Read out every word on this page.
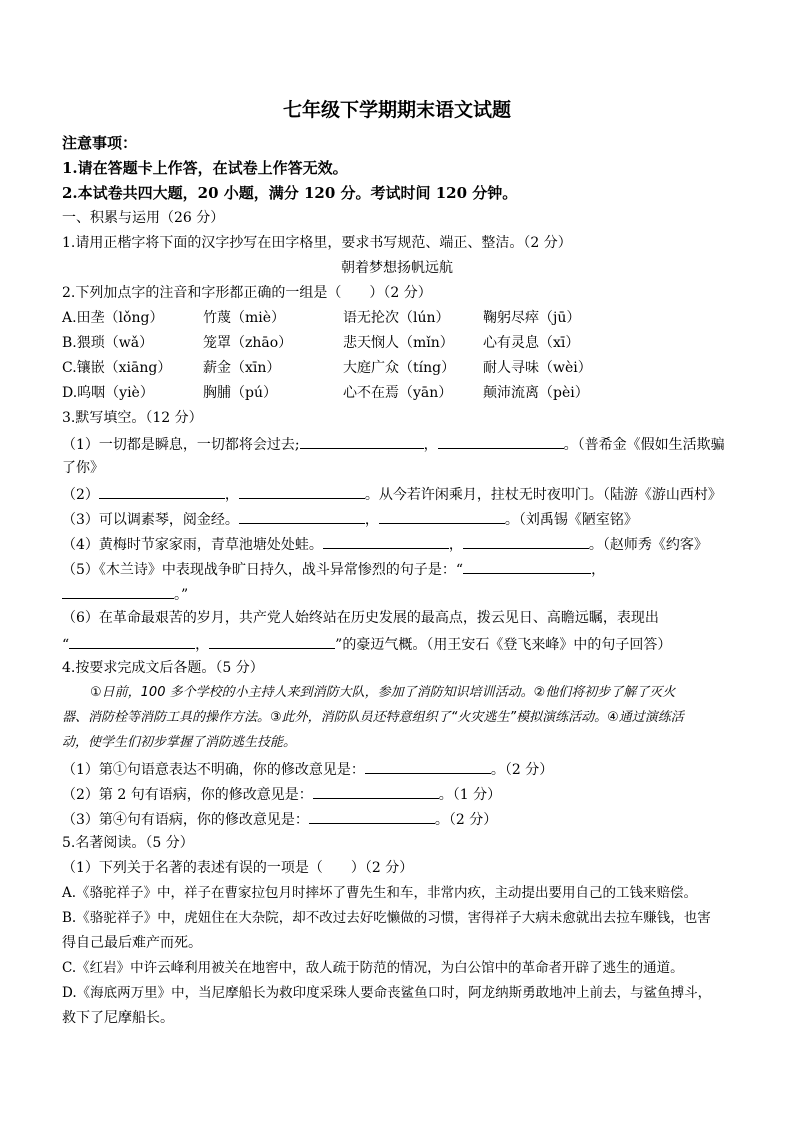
七年级下学期期末语文试题
注意事项：
1.请在答题卡上作答，在试卷上作答无效。
2.本试卷共四大题，20 小题，满分 120 分。考试时间 120 分钟。
一、积累与运用（26 分）
1.请用正楷字将下面的汉字抄写在田字格里，要求书写规范、端正、整洁。（2 分）
朝着梦想扬帆远航
2.下列加点字的注音和字形都正确的一组是（　　）（2 分）
A.田垄（lǒng）	竹蔑（miè）	语无抡次（lún） 鞠躬尽瘁（jū）
B.猥琐（wǎ）	笼罩（zhāo）	悲天悯人（mǐn） 心有灵息（xī）
C.镶嵌（xiāng） 薪金（xīn）	大庭广众（tíng） 耐人寻味（wèi）
D.呜咽（yiè）	胸脯（pú）	心不在焉（yān） 颠沛流离（pèi）
3.默写填空。（12 分）
（1）一切都是瞬息，一切都将会过去;	，	。（普希金《假如生活欺骗
了你》
（2）	，	。从今若许闲乘月，拄杖无时夜叩门。（陆游《游山西村》
（3）可以调素琴，阅金经。	，	。（刘禹锡《陋室铭》
（4）黄梅时节家家雨，青草池塘处处蛙。	，	。（赵师秀《约客》
（5）《木兰诗》中表现战争旷日持久，战斗异常惨烈的句子是：“	，
。”
（6）在革命最艰苦的岁月，共产党人始终站在历史发展的最高点，拨云见日、高瞻远瞩，表现出
“	，	”的豪迈气概。（用王安石《登飞来峰》中的句子回答）
4.按要求完成文后各题。（5 分）
①日前，100 多个学校的小主持人来到消防大队，参加了消防知识培训活动。②他们将初步了解了灭火
器、消防栓等消防工具的操作方法。③此外，消防队员还特意组织了“火灾逃生”模拟演练活动。④通过演练活
动，使学生们初步掌握了消防逃生技能。
（1）第①句语意表达不明确，你的修改意见是：	。（2 分）
（2）第 2 句有语病，你的修改意见是：	。（1 分）
（3）第④句有语病，你的修改意见是：	。（2 分）
5.名著阅读。（5 分）
（1）下列关于名著的表述有误的一项是（　　）（2 分）
A.《骆驼祥子》中，祥子在曹家拉包月时摔坏了曹先生和车，非常内疚，主动提出要用自己的工钱来赔偿。
B.《骆驼祥子》中，虎妞住在大杂院，却不改过去好吃懒做的习惯，害得祥子大病未愈就出去拉车赚钱，也害
得自己最后难产而死。
C.《红岩》中许云峰利用被关在地窖中，敌人疏于防范的情况，为白公馆中的革命者开辟了逃生的通道。
D.《海底两万里》中，当尼摩船长为救印度采珠人要命丧鲨鱼口时，阿龙纳斯勇敢地冲上前去，与鲨鱼搏斗，
救下了尼摩船长。
